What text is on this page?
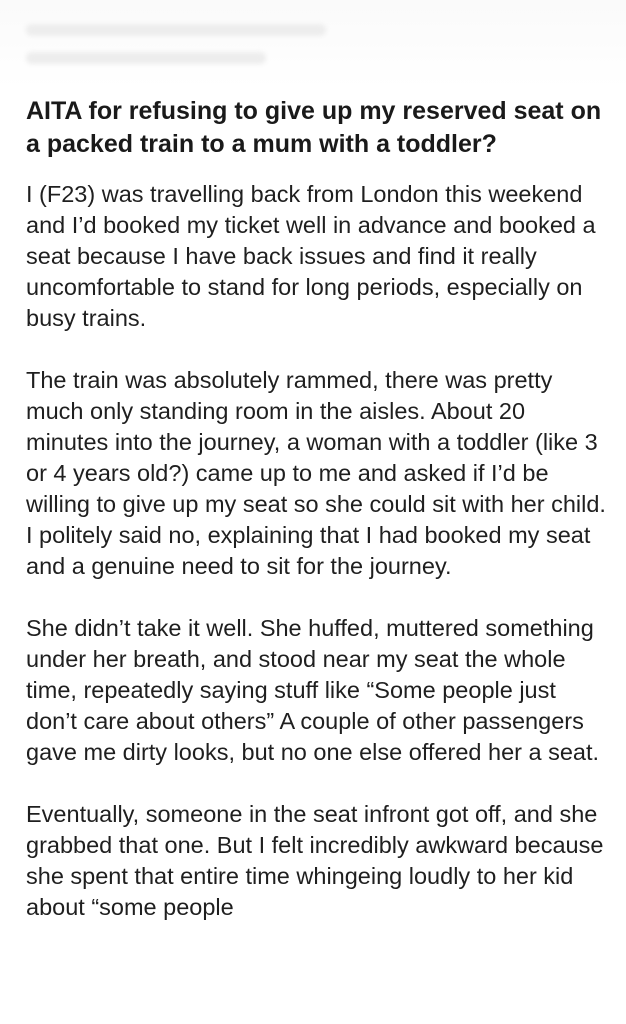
AITA for refusing to give up my reserved seat on a packed train to a mum with a toddler?

I (F23) was travelling back from London this weekend and I’d booked my ticket well in advance and booked a seat because I have back issues and find it really uncomfortable to stand for long periods, especially on busy trains.

The train was absolutely rammed, there was pretty much only standing room in the aisles. About 20 minutes into the journey, a woman with a toddler (like 3 or 4 years old?) came up to me and asked if I’d be willing to give up my seat so she could sit with her child. I politely said no, explaining that I had booked my seat and a genuine need to sit for the journey.

She didn’t take it well. She huffed, muttered something under her breath, and stood near my seat the whole time, repeatedly saying stuff like “Some people just don’t care about others” A couple of other passengers gave me dirty looks, but no one else offered her a seat.

Eventually, someone in the seat infront got off, and she grabbed that one. But I felt incredibly awkward because she spent that entire time whingeing loudly to her kid about “some people
